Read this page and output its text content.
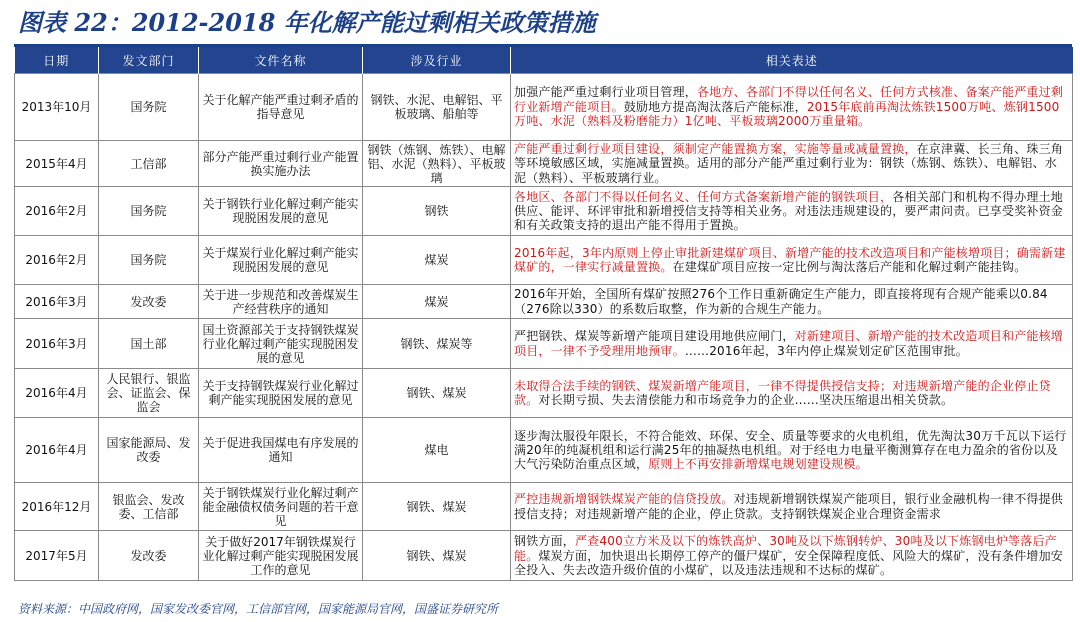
图表 22：2012-2018 年化解产能过剩相关政策措施
日期	发文部门	文件名称	涉及行业	相关表述
2013年10月	国务院	关于化解产能严重过剩矛盾的指导意见	钢铁、水泥、电解铝、平板玻璃、船舶等	加强产能严重过剩行业项目管理，各地方、各部门不得以任何名义、任何方式核准、备案产能严重过剩行业新增产能项目。鼓励地方提高淘汰落后产能标准，2015年底前再淘汰炼铁1500万吨、炼钢1500万吨、水泥（熟料及粉磨能力）1亿吨、平板玻璃2000万重量箱。
2015年4月	工信部	部分产能严重过剩行业产能置换实施办法	钢铁（炼钢、炼铁）、电解铝、水泥（熟料）、平板玻璃	产能严重过剩行业项目建设，须制定产能置换方案，实施等量或减量置换，在京津冀、长三角、珠三角等环境敏感区域，实施减量置换。适用的部分产能严重过剩行业为：钢铁（炼钢、炼铁）、电解铝、水泥（熟料）、平板玻璃行业。
2016年2月	国务院	关于钢铁行业化解过剩产能实现脱困发展的意见	钢铁	各地区、各部门不得以任何名义、任何方式备案新增产能的钢铁项目，各相关部门和机构不得办理土地供应、能评、环评审批和新增授信支持等相关业务。对违法违规建设的，要严肃问责。已享受奖补资金和有关政策支持的退出产能不得用于置换。
2016年2月	国务院	关于煤炭行业化解过剩产能实现脱困发展的意见	煤炭	2016年起，3年内原则上停止审批新建煤矿项目、新增产能的技术改造项目和产能核增项目；确需新建煤矿的，一律实行减量置换。在建煤矿项目应按一定比例与淘汰落后产能和化解过剩产能挂钩。
2016年3月	发改委	关于进一步规范和改善煤炭生产经营秩序的通知	煤炭	2016年开始，全国所有煤矿按照276个工作日重新确定生产能力，即直接将现有合规产能乘以0.84（276除以330）的系数后取整，作为新的合规生产能力。
2016年3月	国土部	国土资源部关于支持钢铁煤炭行业化解过剩产能实现脱困发展的意见	钢铁、煤炭等	严把钢铁、煤炭等新增产能项目建设用地供应闸门，对新建项目、新增产能的技术改造项目和产能核增项目，一律不予受理用地预审。……2016年起，3年内停止煤炭划定矿区范围审批。
2016年4月	人民银行、银监会、证监会、保监会	关于支持钢铁煤炭行业化解过剩产能实现脱困发展的意见	钢铁、煤炭	未取得合法手续的钢铁、煤炭新增产能项目，一律不得提供授信支持；对违规新增产能的企业停止贷款。对长期亏损、失去清偿能力和市场竞争力的企业……坚决压缩退出相关贷款。
2016年4月	国家能源局、发改委	关于促进我国煤电有序发展的通知	煤电	逐步淘汰服役年限长，不符合能效、环保、安全、质量等要求的火电机组，优先淘汰30万千瓦以下运行满20年的纯凝机组和运行满25年的抽凝热电机组。对于经电力电量平衡测算存在电力盈余的省份以及大气污染防治重点区域，原则上不再安排新增煤电规划建设规模。
2016年12月	银监会、发改委、工信部	关于钢铁煤炭行业化解过剩产能金融债权债务问题的若干意见	钢铁、煤炭	严控违规新增钢铁煤炭产能的信贷投放。对违规新增钢铁煤炭产能项目，银行业金融机构一律不得提供授信支持；对违规新增产能的企业，停止贷款。支持钢铁煤炭企业合理资金需求
2017年5月	发改委	关于做好2017年钢铁煤炭行业化解过剩产能实现脱困发展工作的意见	钢铁、煤炭	钢铁方面，严查400立方米及以下的炼铁高炉、30吨及以下炼钢转炉、30吨及以下炼钢电炉等落后产能。煤炭方面，加快退出长期停工停产的僵尸煤矿，安全保障程度低、风险大的煤矿，没有条件增加安全投入、失去改造升级价值的小煤矿，以及违法违规和不达标的煤矿。
资料来源：中国政府网，国家发改委官网，工信部官网，国家能源局官网，国盛证券研究所
